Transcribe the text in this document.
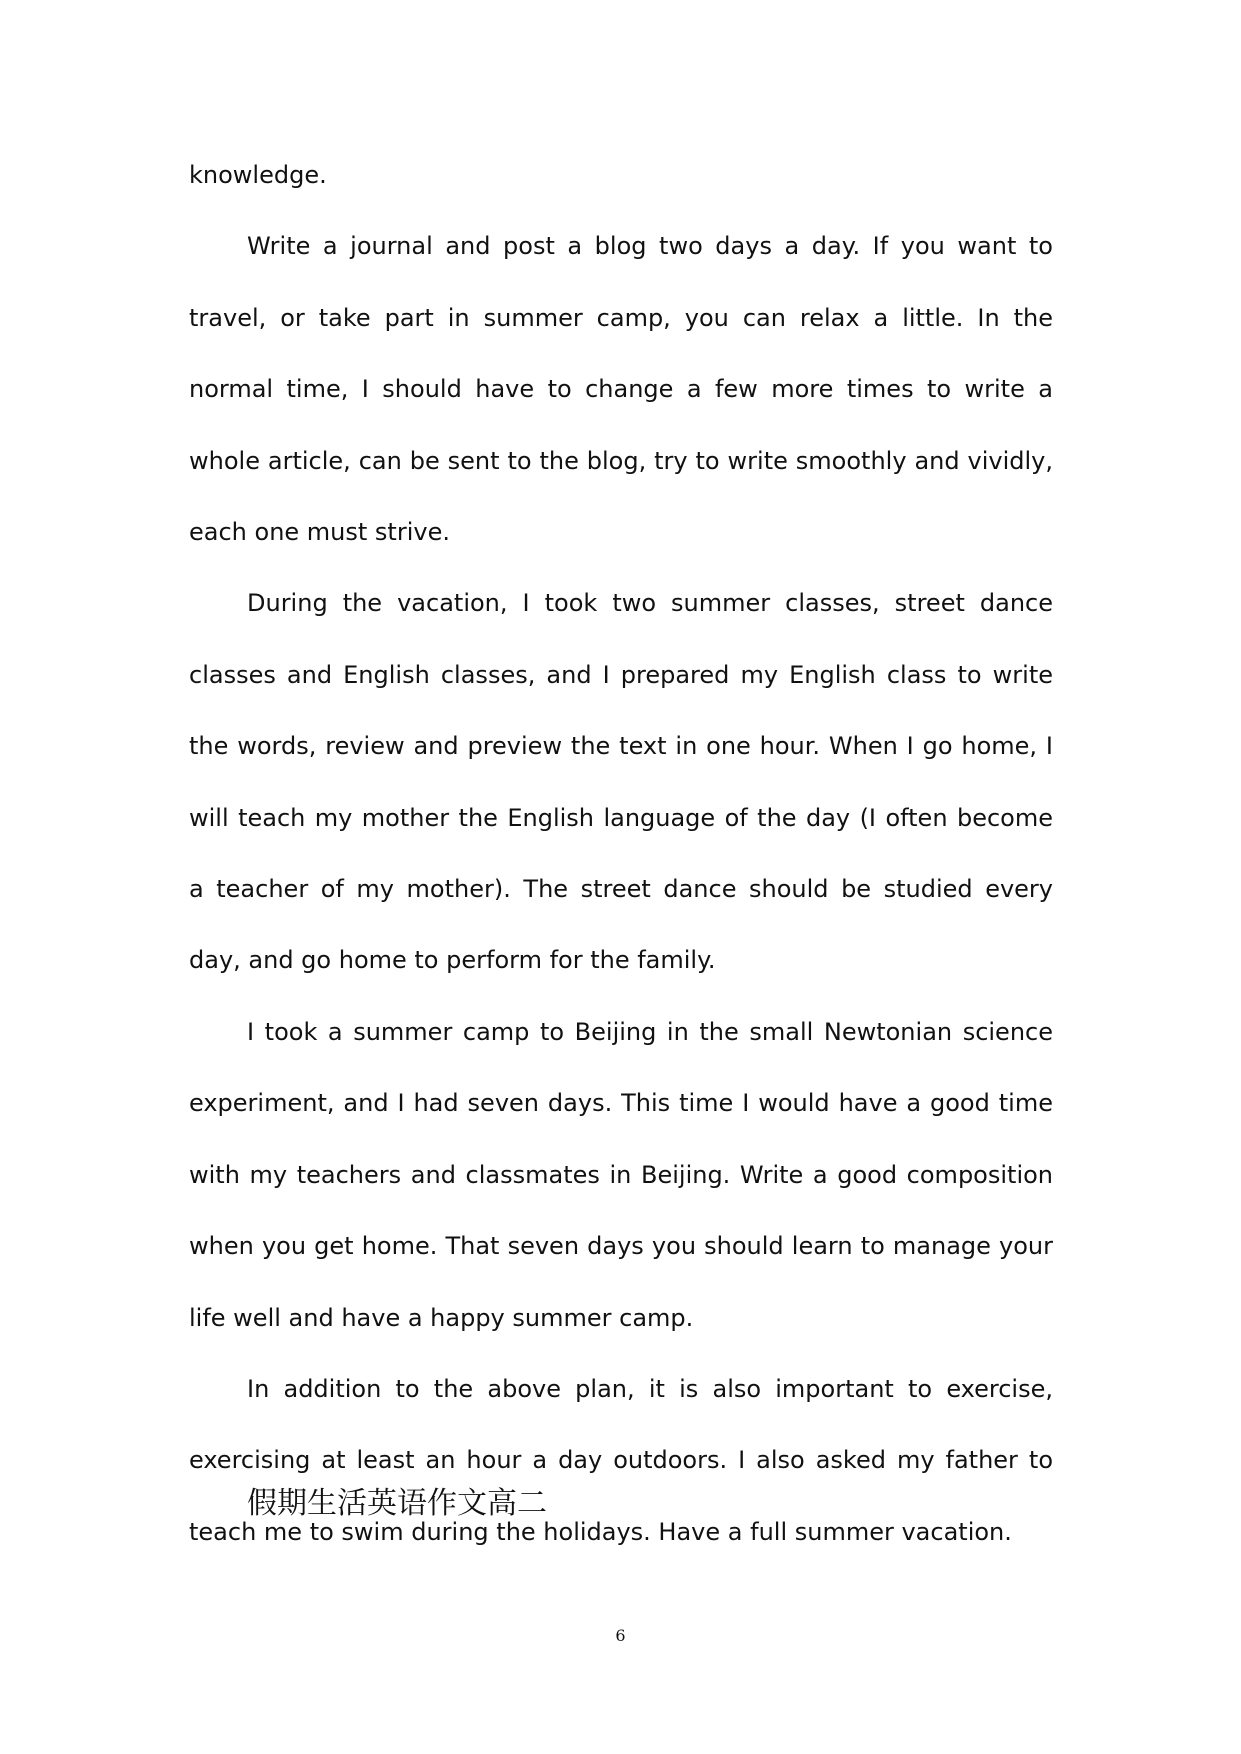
knowledge.

Write a journal and post a blog two days a day. If you want to travel, or take part in summer camp, you can relax a little. In the normal time, I should have to change a few more times to write a whole article, can be sent to the blog, try to write smoothly and vividly, each one must strive.

During the vacation, I took two summer classes, street dance classes and English classes, and I prepared my English class to write the words, review and preview the text in one hour. When I go home, I will teach my mother the English language of the day (I often become a teacher of my mother). The street dance should be studied every day, and go home to perform for the family.

I took a summer camp to Beijing in the small Newtonian science experiment, and I had seven days. This time I would have a good time with my teachers and classmates in Beijing. Write a good composition when you get home. That seven days you should learn to manage your life well and have a happy summer camp.

In addition to the above plan, it is also important to exercise, exercising at least an hour a day outdoors. I also asked my father to teach me to swim during the holidays. Have a full summer vacation.

假期生活英语作文高二
6
